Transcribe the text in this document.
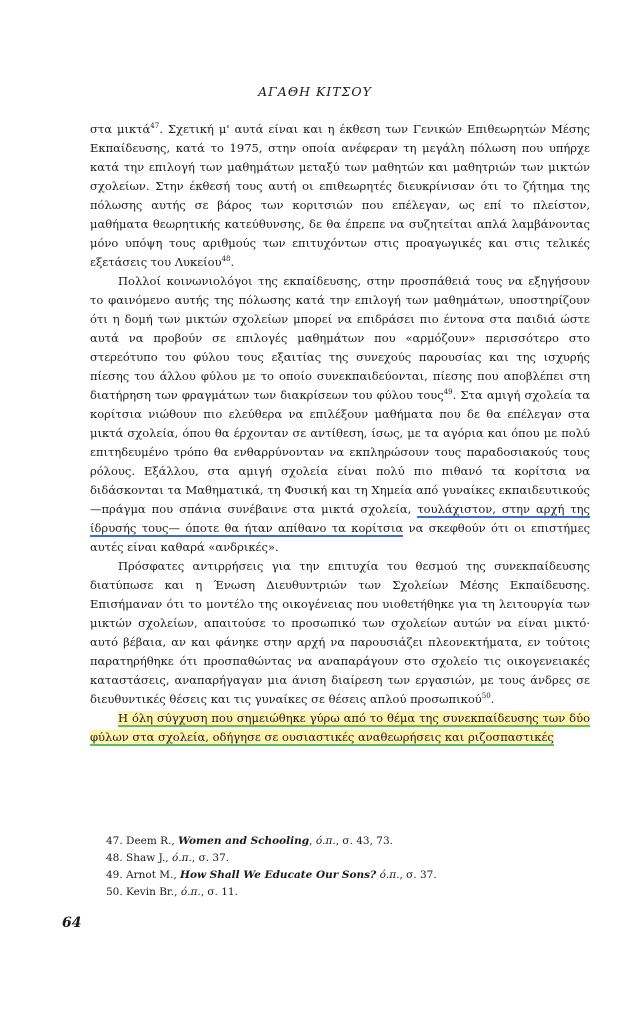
ΑΓΑΘΗ ΚΙΤΣΟΥ

στα μικτά$^{47}$. Σχετική μ' αυτά είναι και η έκθεση των Γενικών Επιθεωρητών Μέσης Εκπαίδευσης, κατά το 1975, στην οποία ανέφεραν τη μεγάλη πόλωση που υπήρχε κατά την επιλογή των μαθημάτων μεταξύ των μαθητών και μαθητριών των μικτών σχολείων. Στην έκθεσή τους αυτή οι επιθεωρητές διευκρίνισαν ότι το ζήτημα της πόλωσης αυτής σε βάρος των κοριτσιών που επέλεγαν, ως επί το πλείστον, μαθήματα θεωρητικής κατεύθυνσης, δε θα έπρεπε να συζητείται απλά λαμβάνοντας μόνο υπόψη τους αριθμούς των επιτυχόντων στις προαγωγικές και στις τελικές εξετάσεις του Λυκείου$^{48}$.

Πολλοί κοινωνιολόγοι της εκπαίδευσης, στην προσπάθειά τους να εξηγήσουν το φαινόμενο αυτής της πόλωσης κατά την επιλογή των μαθημάτων, υποστηρίζουν ότι η δομή των μικτών σχολείων μπορεί να επιδράσει πιο έντονα στα παιδιά ώστε αυτά να προβούν σε επιλογές μαθημάτων που «αρμόζουν» περισσότερο στο στερεότυπο του φύλου τους εξαιτίας της συνεχούς παρουσίας και της ισχυρής πίεσης του άλλου φύλου με το οποίο συνεκπαιδεύονται, πίεσης που αποβλέπει στη διατήρηση των φραγμάτων των διακρίσεων του φύλου τους$^{49}$. Στα αμιγή σχολεία τα κορίτσια νιώθουν πιο ελεύθερα να επιλέξουν μαθήματα που δε θα επέλεγαν στα μικτά σχολεία, όπου θα έρχονταν σε αντίθεση, ίσως, με τα αγόρια και όπου με πολύ επιτηδευμένο τρόπο θα ενθαρρύνονταν να εκπληρώσουν τους παραδοσιακούς τους ρόλους. Εξάλλου, στα αμιγή σχολεία είναι πολύ πιο πιθανό τα κορίτσια να διδάσκονται τα Μαθηματικά, τη Φυσική και τη Χημεία από γυναίκες εκπαιδευτικούς —πράγμα που σπάνια συνέβαινε στα μικτά σχολεία, τουλάχιστον, στην αρχή της ίδρυσής τους— όποτε θα ήταν απίθανο τα κορίτσια να σκεφθούν ότι οι επιστήμες αυτές είναι καθαρά «ανδρικές».

Πρόσφατες αντιρρήσεις για την επιτυχία του θεσμού της συνεκπαίδευσης διατύπωσε και η Ένωση Διευθυντριών των Σχολείων Μέσης Εκπαίδευσης. Επισήμαναν ότι το μοντέλο της οικογένειας που υιοθετήθηκε για τη λειτουργία των μικτών σχολείων, απαιτούσε το προσωπικό των σχολείων αυτών να είναι μικτό· αυτό βέβαια, αν και φάνηκε στην αρχή να παρουσιάζει πλεονεκτήματα, εν τούτοις παρατηρήθηκε ότι προσπαθώντας να αναπαράγουν στο σχολείο τις οικογενειακές καταστάσεις, αναπαρήγαγαν μια άνιση διαίρεση των εργασιών, με τους άνδρες σε διευθυντικές θέσεις και τις γυναίκες σε θέσεις απλού προσωπικού$^{50}$.

Η όλη σύγχυση που σημειώθηκε γύρω από το θέμα της συνεκπαίδευσης των δύο φύλων στα σχολεία, οδήγησε σε ουσιαστικές αναθεωρήσεις και ριζοσπαστικές

47. Deem R., Women and Schooling, ό.π., σ. 43, 73.
48. Shaw J., ό.π., σ. 37.
49. Arnot M., How Shall We Educate Our Sons? ό.π., σ. 37.
50. Kevin Br., ό.π., σ. 11.
64
